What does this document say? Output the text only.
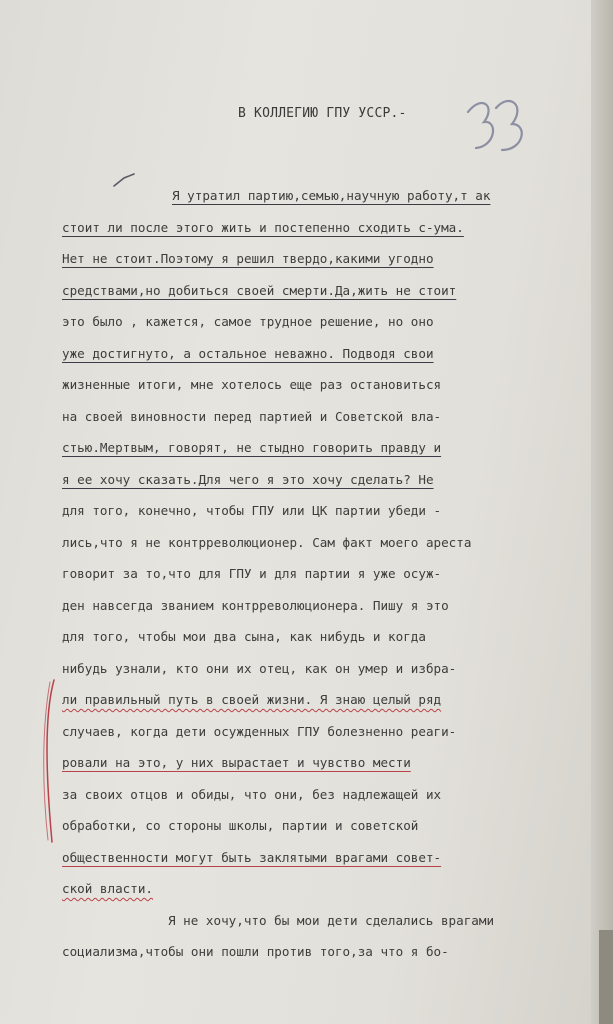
В КОЛЛЕГИЮ ГПУ УССР.-
Я утратил партию,семью,научную работу,т ак
стоит ли после этого жить и постепенно сходить с-ума.
Нет не стоит.Поэтому я решил твердо,какими угодно
средствами,но добиться своей смерти.Да,жить не стоит
это было , кажется, самое трудное решение, но оно
уже достигнуто, а остальное неважно. Подводя свои
жизненные итоги, мне хотелось еще раз остановиться
на своей виновности перед партией и Советской вла-
стью.Мертвым, говорят, не стыдно говорить правду и
я ее хочу сказать.Для чего я это хочу сделать? Не
для того, конечно, чтобы ГПУ или ЦК партии убеди -
лись,что я не контрреволюционер. Сам факт моего ареста
говорит за то,что для ГПУ и для партии я уже осуж-
ден навсегда званием контрреволюционера. Пишу я это
для того, чтобы мои два сына, как нибудь и когда
нибудь узнали, кто они их отец, как он умер и избра-
ли правильный путь в своей жизни. Я знаю целый ряд
случаев, когда дети осужденных ГПУ болезненно реаги-
ровали на это, у них вырастает и чувство мести
за своих отцов и обиды, что они, без надлежащей их
обработки, со стороны школы, партии и советской
общественности могут быть заклятыми врагами совет-
ской власти.
Я не хочу,что бы мои дети сделались врагами
социализма,чтобы они пошли против того,за что я бо-
